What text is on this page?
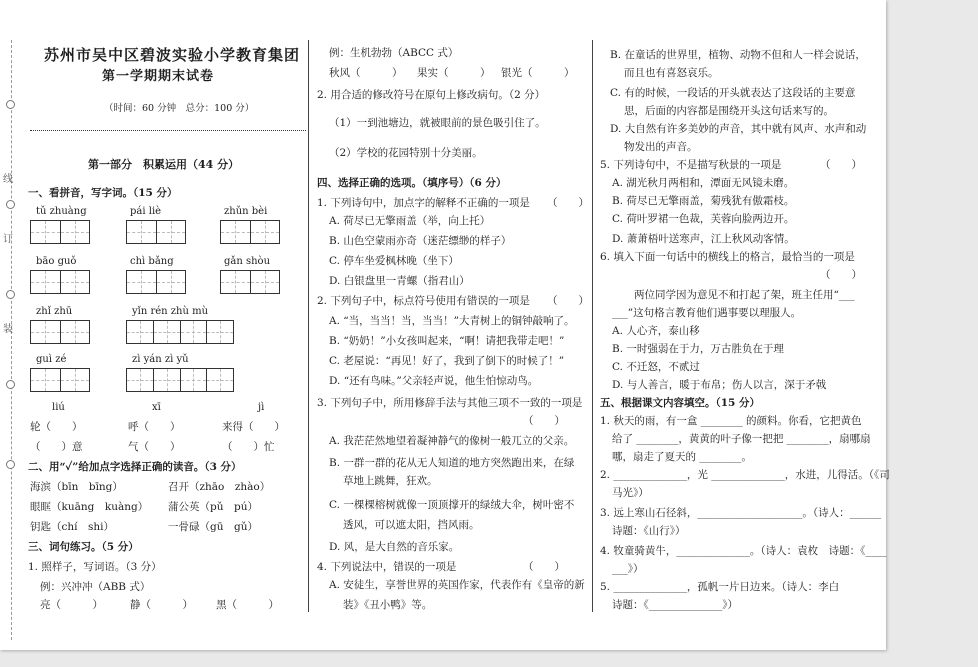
线
订
装
苏州市吴中区碧波实验小学教育集团
第一学期期末试卷
（时间：60 分钟　总分：100 分）
第一部分　积累运用（44 分）
一、看拼音，写字词。（15 分）
tǔ zhuàng	pái liè	zhǔn bèi
bāo guǒ	chì bǎng	gǎn shòu
zhǐ zhū	yǐn rén zhù mù
guì zé	zì yán zì yǔ
liú	xī	jì
轮（　　）	呼（　　）	来得（　　）
（　　）意	气（　　）	（　　）忙
二、用“✓”给加点字选择正确的读音。（3 分）
海滨（bīn　bīng）	召开（zhāo　zhào）
眼眶（kuāng　kuàng） 蒲公英（pǔ　pú）
钥匙（chí　shi）	一骨碌（gū　gǔ）
三、词句练习。（5 分）
1. 照样子，写词语。（3 分）
例：兴冲冲（ABB 式）
亮（　　　）	静（　　　） 黑（　　　）
例：生机勃勃（ABCC 式）
秋风（　　　） 果实（　　　） 银光（　　　）
2. 用合适的修改符号在原句上修改病句。（2 分）
（1）一到池塘边，就被眼前的景色吸引住了。
（2）学校的花园特别十分美丽。
四、选择正确的选项。（填序号）（6 分）
1. 下列诗句中，加点字的解释不正确的一项是 （　　）
A. 荷尽已无擎雨盖（举，向上托）
B. 山色空蒙雨亦奇（迷茫缥缈的样子）
C. 停车坐爱枫林晚（坐下）
D. 白银盘里一青螺（指君山）
2. 下列句子中，标点符号使用有错误的一项是 （　　）
A. “当，当当！当，当当！”大青树上的铜钟敲响了。
B. “奶奶！”小女孩叫起来，“啊！请把我带走吧！”
C. 老屋说：“再见！好了，我到了倒下的时候了！”
D. “还有鸟味。”父亲轻声说，他生怕惊动鸟。
3. 下列句子中，所用修辞手法与其他三项不一致的一项是
（　　）
A. 我茫茫然地望着凝神静气的像树一般兀立的父亲。
B. 一群一群的花从无人知道的地方突然跑出来，在绿
草地上跳舞，狂欢。
C. 一棵棵榕树就像一顶顶撑开的绿绒大伞，树叶密不
透风，可以遮太阳，挡风雨。
D. 风，是大自然的音乐家。
4. 下列说法中，错误的一项是	（　　）
A. 安徒生，享誉世界的英国作家，代表作有《皇帝的新
装》《丑小鸭》等。
B. 在童话的世界里，植物、动物不但和人一样会说话，
而且也有喜怒哀乐。
C. 有的时候，一段话的开头就表达了这段话的主要意
思，后面的内容都是围绕开头这句话来写的。
D. 大自然有许多美妙的声音，其中就有风声、水声和动
物发出的声音。
5. 下列诗句中，不是描写秋景的一项是	（　　）
A. 湖光秋月两相和，潭面无风镜未磨。
B. 荷尽已无擎雨盖，菊残犹有傲霜枝。
C. 荷叶罗裙一色裁，芙蓉向脸两边开。
D. 萧萧梧叶送寒声，江上秋风动客情。
6. 填入下面一句话中的横线上的格言，最恰当的一项是
（　　）
两位同学因为意见不和打起了架，班主任用“___
___”这句格言教育他们遇事要以理服人。
A. 人心齐，泰山移
B. 一时强弱在于力，万古胜负在于理
C. 不迁怒，不贰过
D. 与人善言，暖于布帛；伤人以言，深于矛戟
五、根据课文内容填空。（15 分）
1. 秋天的雨，有一盒 ________ 的颜料。你看，它把黄色
给了 ________，黄黄的叶子像一把把 ________，扇哪扇
哪，扇走了夏天的 ________。
2. ______________，光 ______________，水进，儿得活。（《司
马光》）
3. 远上寒山石径斜，____________________。（诗人：______
诗题：《山行》）
4. 牧童骑黄牛，______________。（诗人：袁枚　诗题：《____
___》）
5. ______________，孤帆一片日边来。（诗人：李白
诗题：《______________》）
